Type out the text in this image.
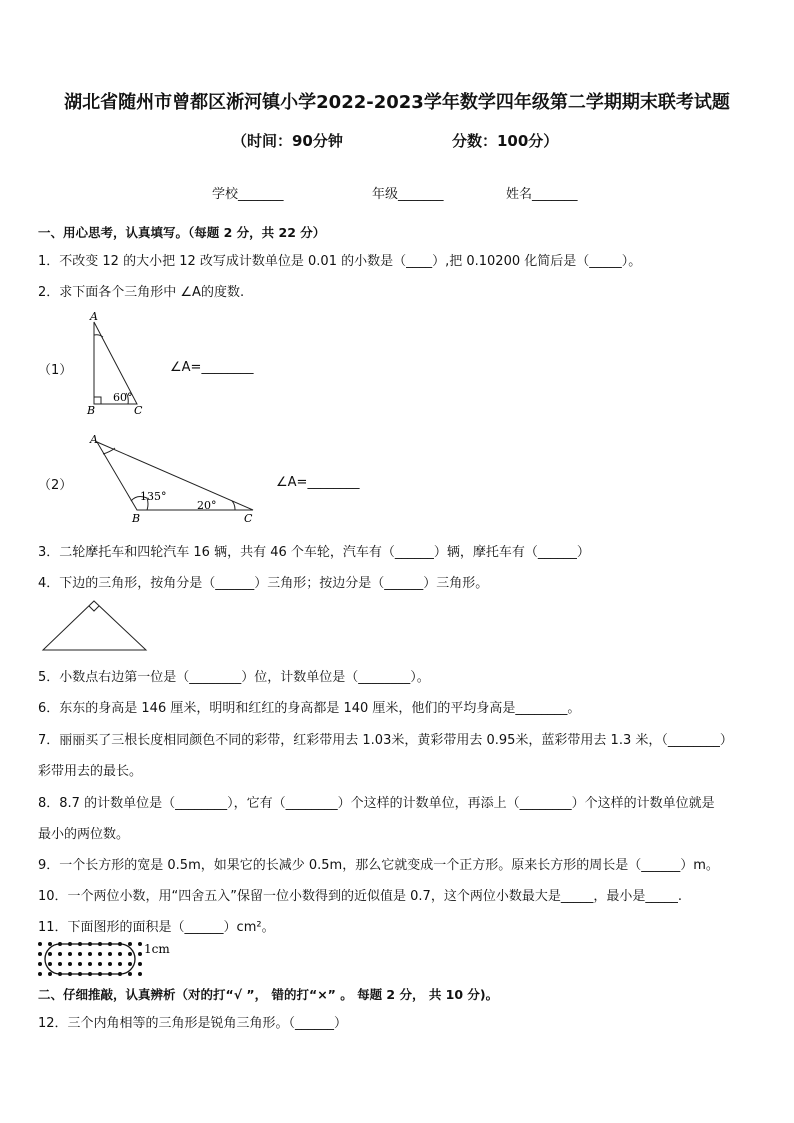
湖北省随州市曾都区淅河镇小学2022-2023学年数学四年级第二学期期末联考试题
（时间：90分钟	分数：100分）
学校_______	年级_______	姓名_______
一、用心思考，认真填写。（每题 2 分，共 22 分）
1．不改变 12 的大小把 12 改写成计数单位是 0.01 的小数是（____）,把 0.10200 化简后是（_____）。
2．求下面各个三角形中 ∠A的度数.
（1）
A
B	C
60°
∠A=________
（2）
A
B	C
135°
20°
∠A=________
3．二轮摩托车和四轮汽车 16 辆，共有 46 个车轮，汽车有（______）辆，摩托车有（______）
4．下边的三角形，按角分是（______）三角形；按边分是（______）三角形。
5．小数点右边第一位是（________）位，计数单位是（________）。
6．东东的身高是 146 厘米，明明和红红的身高都是 140 厘米，他们的平均身高是________。
7．丽丽买了三根长度相同颜色不同的彩带，红彩带用去 1.03米，黄彩带用去 0.95米，蓝彩带用去 1.3 米，（________）
彩带用去的最长。
8．8.7 的计数单位是（________），它有（________）个这样的计数单位，再添上（________）个这样的计数单位就是
最小的两位数。
9．一个长方形的宽是 0.5m，如果它的长减少 0.5m，那么它就变成一个正方形。原来长方形的周长是（______）m。
10．一个两位小数，用“四舍五入”保留一位小数得到的近似值是 0.7，这个两位小数最大是_____，最小是_____.
11．下面图形的面积是（______）cm²。
1cm
二、仔细推敲，认真辨析（对的打“√ ”， 错的打“×” 。 每题 2 分， 共 10 分)。
12．三个内角相等的三角形是锐角三角形。（______）
